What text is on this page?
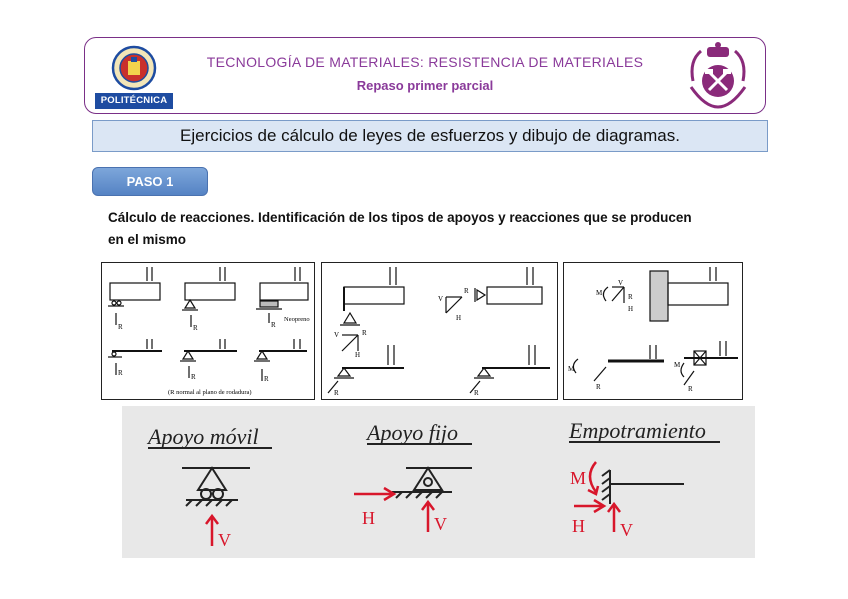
POLITÉCNICA
TECNOLOGÍA DE MATERIALES: RESISTENCIA DE MATERIALES
Repaso primer parcial
Ejercicios de cálculo de leyes de esfuerzos y dibujo de diagramas.
PASO 1
Cálculo de reacciones. Identificación de los tipos de apoyos y reacciones que se producen en el mismo
R	R	R
Neopreno
R	R	R
(R normal al plano de rodadura)
V	R
H
V
R
H
R	R
M
V
R
H
M
R
M
R
Apoyo móvil	Apoyo fijo	Empotramiento
V
V
H
V
H
M
